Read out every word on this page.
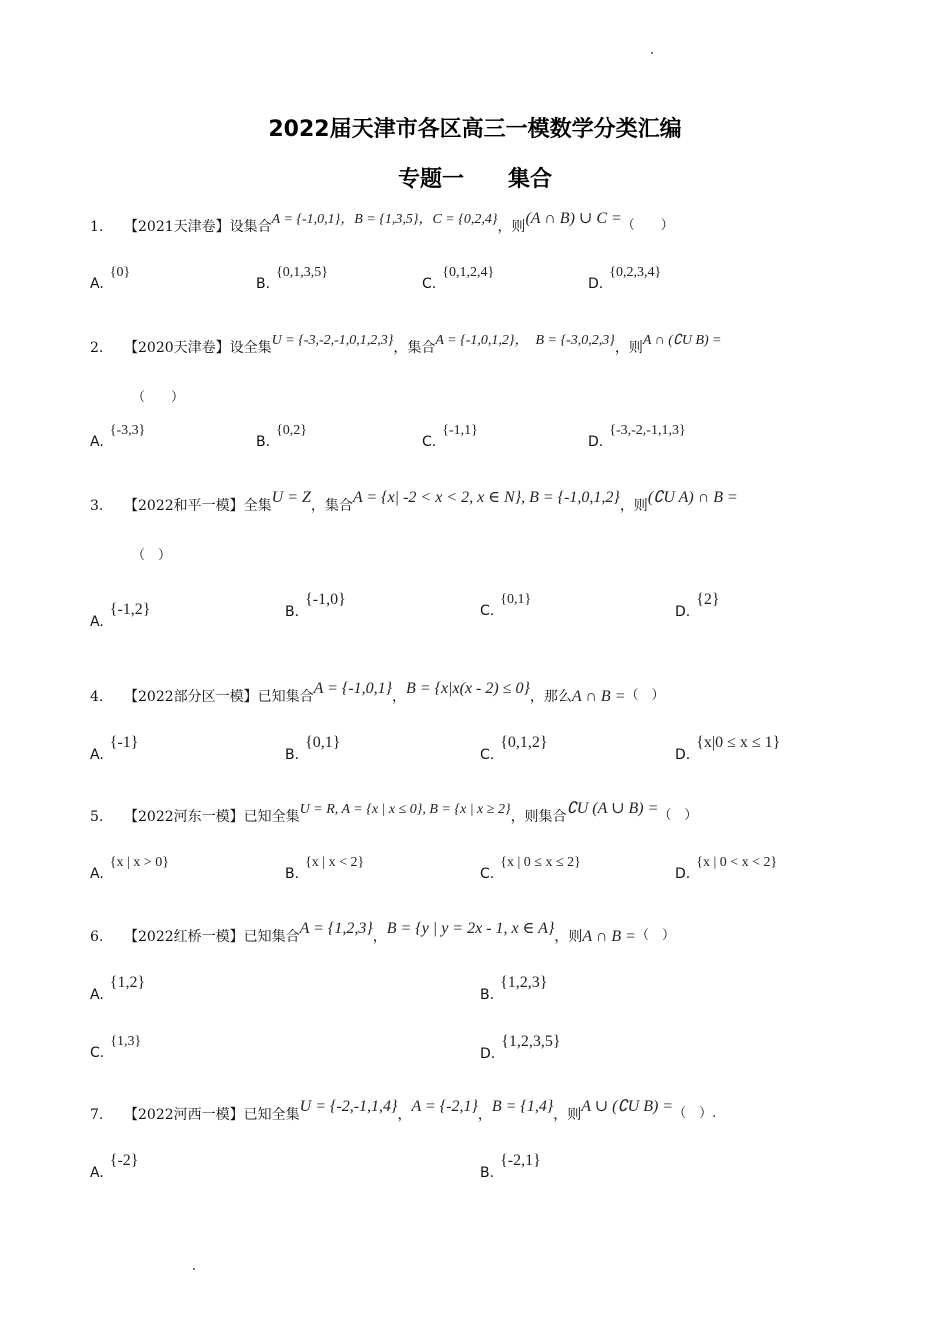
2022届天津市各区高三一模数学分类汇编
专题一 集合
1. 【2021天津卷】设集合A = {-1,0,1}，B = {1,3,5}，C = {0,2,4}，则(A ∩ B) ∪ C =（　　）
A.{0}
B.{0,1,3,5}
C.{0,1,2,4}
D.{0,2,3,4}
2. 【2020天津卷】设全集U = {-3,-2,-1,0,1,2,3}，集合A = {-1,0,1,2}，　B = {-3,0,2,3}，则A ∩ (∁U B) =
（　　）
A.{-3,3}
B.{0,2}
C.{-1,1}
D.{-3,-2,-1,1,3}
3. 【2022和平一模】全集U = Z，集合A = {x| -2 < x < 2, x ∈ N}, B = {-1,0,1,2}，则(∁U A) ∩ B =
（　）
A.{-1,2}	B.{-1,0}
C.{0,1}
D.{2}
4. 【2022部分区一模】已知集合A = {-1,0,1}，B = {x|x(x - 2) ≤ 0}，那么A ∩ B =（　）
A.{-1}
B.{0,1}
C.{0,1,2}
D.{x|0 ≤ x ≤ 1}
5. 【2022河东一模】已知全集U = R, A = {x | x ≤ 0}, B = {x | x ≥ 2}，则集合∁U (A ∪ B) =（　）
A.{x | x > 0}
B.{x | x < 2}
C.{x | 0 ≤ x ≤ 2}
D.{x | 0 < x < 2}
6. 【2022红桥一模】已知集合A = {1,2,3}，B = {y | y = 2x - 1, x ∈ A}，则A ∩ B =（　）
A.{1,2}
B.{1,2,3}
C.{1,3}
D.{1,2,3,5}
7. 【2022河西一模】已知全集U = {-2,-1,1,4}，A = {-2,1}，B = {1,4}，则A ∪ (∁U B) =（　）.
A.{-2}
B.{-2,1}
